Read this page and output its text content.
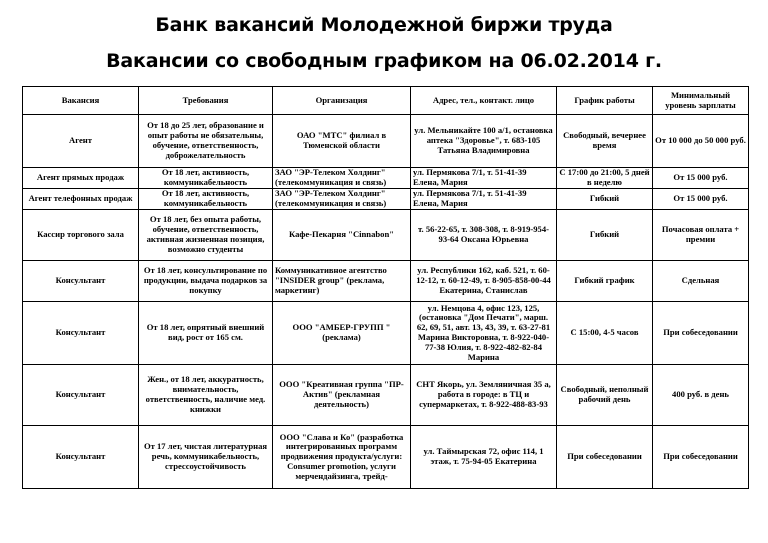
Банк вакансий Молодежной биржи труда
Вакансии со свободным графиком на 06.02.2014 г.
Вакансия	Требования	Организация	Адрес, тел., контакт. лицо	График работы	Минимальный уровень зарплаты
Агент	От 18 до 25 лет, образование и опыт работы не обязательны, обучение, ответственность, доброжелательность	ОАО "МТС" филиал в Тюменской области	ул. Мельникайте 100 а/1, остановка аптека "Здоровье", т. 683-105 Татьяна Владимировна	Свободный, вечернее время	От 10 000 до 50 000 руб.
Агент прямых продаж	От 18 лет, активность, коммуникабельность	ЗАО "ЭР-Телеком Холдинг" (телекоммуникация и связь)	ул. Пермякова 7/1, т. 51-41-39 Елена, Мария	С 17:00 до 21:00, 5 дней в неделю	От 15 000 руб.
Агент телефонных продаж	От 18 лет, активность, коммуникабельность	ЗАО "ЭР-Телеком Холдинг" (телекоммуникация и связь)	ул. Пермякова 7/1, т. 51-41-39 Елена, Мария	Гибкий	От 15 000 руб.
Кассир торгового зала	От 18 лет, без опыта работы, обучение, ответственность, активная жизненная позиция, возможно студенты	Кафе-Пекарня "Cinnabon"	т. 56-22-65, т. 308-308, т. 8-919-954-93-64 Оксана Юрьевна	Гибкий	Почасовая оплата + премии
Консультант	От 18 лет, консультирование по продукции, выдача подарков за покупку	Коммуникативное агентство "INSIDER group" (реклама, маркетинг)	ул. Республики 162, каб. 521, т. 60-12-12, т. 60-12-49, т. 8-905-858-00-44 Екатерина, Станислав	Гибкий график	Сдельная
Консультант	От 18 лет, опрятный внешний вид, рост от 165 см.	ООО "АМБЕР-ГРУПП " (реклама)	ул. Немцова 4, офис 123, 125, (остановка "Дом Печати", марш. 62, 69, 51, авт. 13, 43, 39, т. 63-27-81 Марина Викторовна, т. 8-922-040-77-38 Юлия, т. 8-922-482-82-84 Марина	С 15:00, 4-5 часов	При собеседовании
Консультант	Жен., от 18 лет, аккуратность, внимательность, ответственность, наличие мед. книжки	ООО "Креативная группа "ПР-Актив" (рекламная деятельность)	СНТ Якорь, ул. Земляничная 35 а, работа в городе: в ТЦ и супермаркетах, т. 8-922-488-83-93	Свободный, неполный рабочий день	400 руб. в день
Консультант	От 17 лет, чистая литературная речь, коммуникабельность, стрессоустойчивость	ООО "Слава и Ко" (разработка интегрированных программ продвижения продукта/услуги: Consumer promotion, услуги мерчендайзинга, трейд-	ул. Таймырская 72, офис 114, 1 этаж, т. 75-94-05 Екатерина	При собеседовании	При собеседовании
